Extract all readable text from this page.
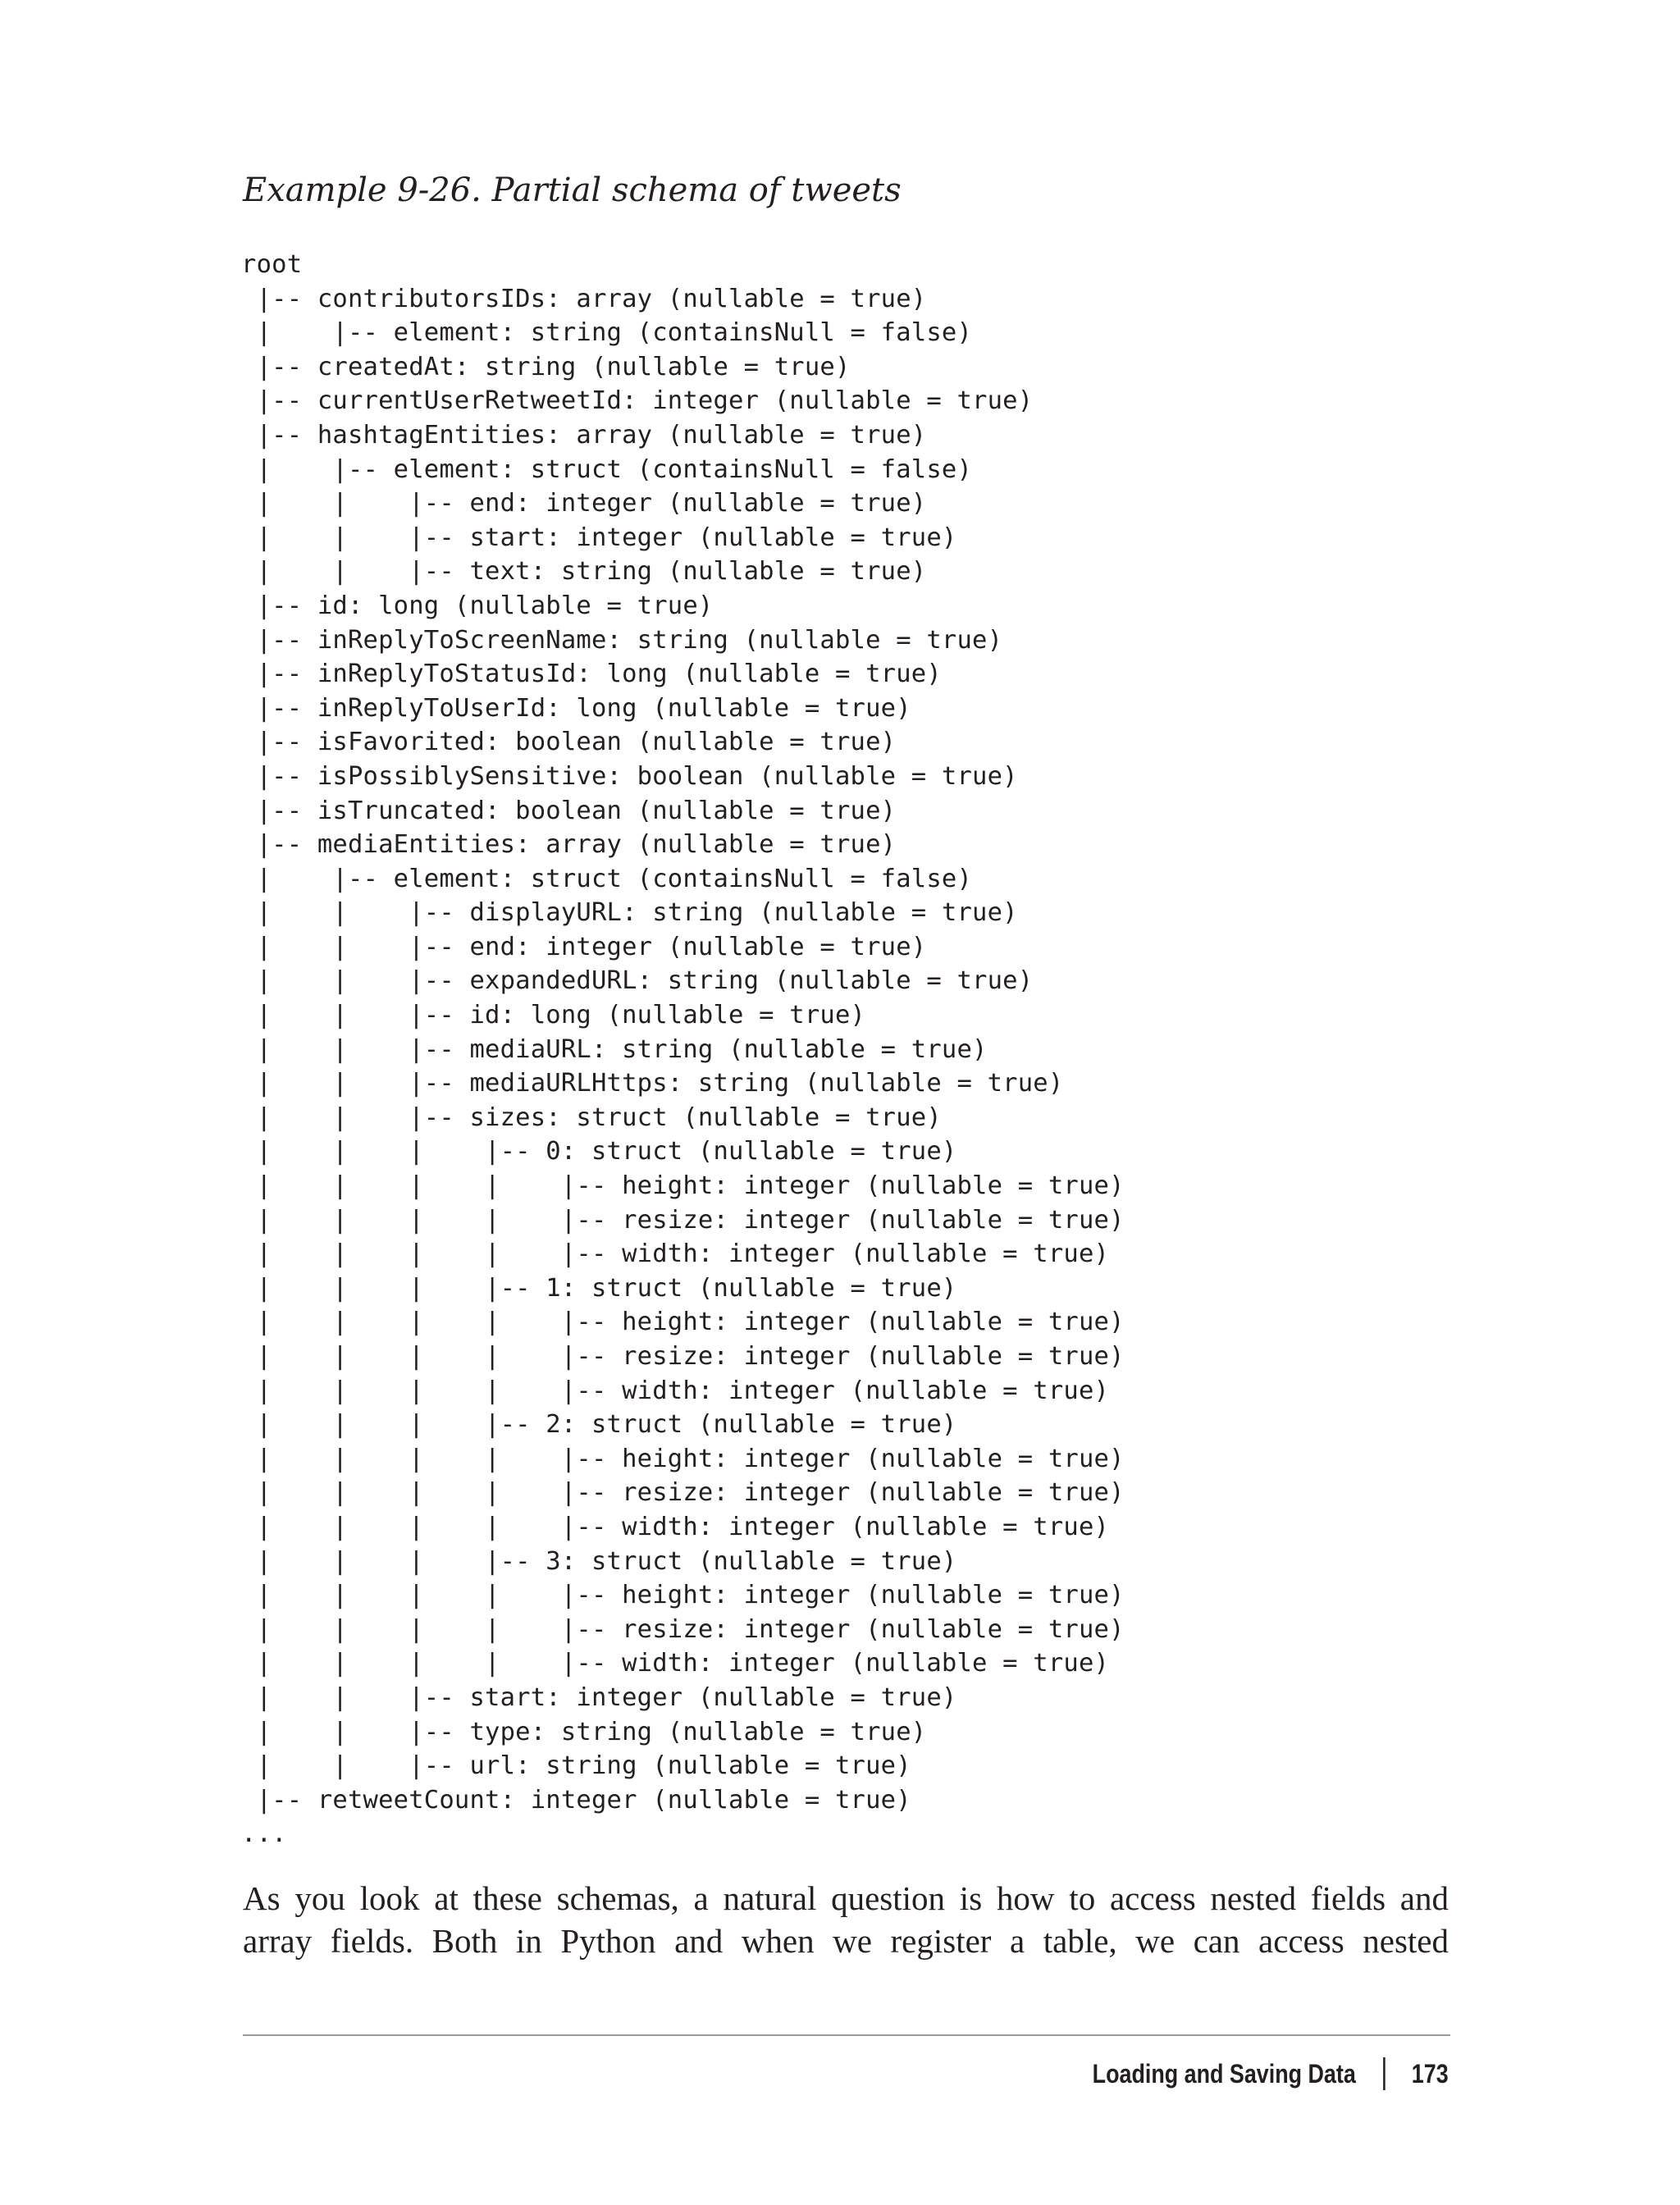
Example 9-26. Partial schema of tweets
root
|-- contributorsIDs: array (nullable = true)
|    |-- element: string (containsNull = false)
|-- createdAt: string (nullable = true)
|-- currentUserRetweetId: integer (nullable = true)
|-- hashtagEntities: array (nullable = true)
|    |-- element: struct (containsNull = false)
|    |    |-- end: integer (nullable = true)
|    |    |-- start: integer (nullable = true)
|    |    |-- text: string (nullable = true)
|-- id: long (nullable = true)
|-- inReplyToScreenName: string (nullable = true)
|-- inReplyToStatusId: long (nullable = true)
|-- inReplyToUserId: long (nullable = true)
|-- isFavorited: boolean (nullable = true)
|-- isPossiblySensitive: boolean (nullable = true)
|-- isTruncated: boolean (nullable = true)
|-- mediaEntities: array (nullable = true)
|    |-- element: struct (containsNull = false)
|    |    |-- displayURL: string (nullable = true)
|    |    |-- end: integer (nullable = true)
|    |    |-- expandedURL: string (nullable = true)
|    |    |-- id: long (nullable = true)
|    |    |-- mediaURL: string (nullable = true)
|    |    |-- mediaURLHttps: string (nullable = true)
|    |    |-- sizes: struct (nullable = true)
|    |    |    |-- 0: struct (nullable = true)
|    |    |    |    |-- height: integer (nullable = true)
|    |    |    |    |-- resize: integer (nullable = true)
|    |    |    |    |-- width: integer (nullable = true)
|    |    |    |-- 1: struct (nullable = true)
|    |    |    |    |-- height: integer (nullable = true)
|    |    |    |    |-- resize: integer (nullable = true)
|    |    |    |    |-- width: integer (nullable = true)
|    |    |    |-- 2: struct (nullable = true)
|    |    |    |    |-- height: integer (nullable = true)
|    |    |    |    |-- resize: integer (nullable = true)
|    |    |    |    |-- width: integer (nullable = true)
|    |    |    |-- 3: struct (nullable = true)
|    |    |    |    |-- height: integer (nullable = true)
|    |    |    |    |-- resize: integer (nullable = true)
|    |    |    |    |-- width: integer (nullable = true)
|    |    |-- start: integer (nullable = true)
|    |    |-- type: string (nullable = true)
|    |    |-- url: string (nullable = true)
|-- retweetCount: integer (nullable = true)
...

As you look at these schemas, a natural question is how to access nested fields and
array fields. Both in Python and when we register a table, we can access nested

Loading and Saving Data 173
